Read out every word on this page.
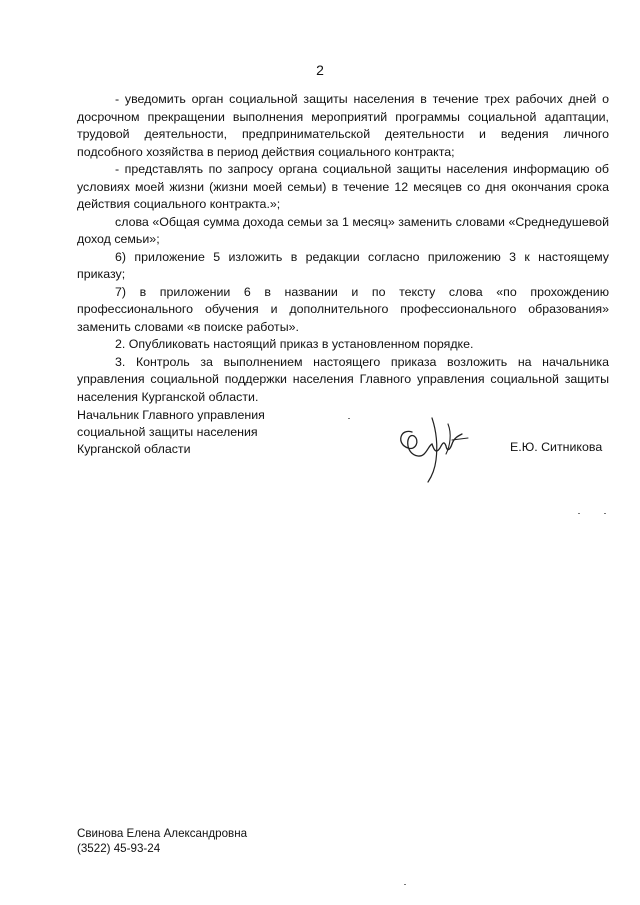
2

- уведомить орган социальной защиты населения в течение трех рабочих дней о досрочном прекращении выполнения мероприятий программы социальной адаптации, трудовой деятельности, предпринимательской деятельности и ведения личного подсобного хозяйства в период действия социального контракта;

- представлять по запросу органа социальной защиты населения информацию об условиях моей жизни (жизни моей семьи) в течение 12 месяцев со дня окончания срока действия социального контракта.»;

слова «Общая сумма дохода семьи за 1 месяц» заменить словами «Среднедушевой доход семьи»;

6) приложение 5 изложить в редакции согласно приложению 3 к настоящему приказу;

7) в приложении 6 в названии и по тексту слова «по прохождению профессионального обучения и дополнительного профессионального образования» заменить словами «в поиске работы».

2. Опубликовать настоящий приказ в установленном порядке.

3. Контроль за выполнением настоящего приказа возложить на начальника управления социальной поддержки населения Главного управления социальной защиты населения Курганской области.

Начальник Главного управления
социальной защиты населения
Курганской области	Е.Ю. Ситникова
Свинова Елена Александровна
(3522) 45-93-24
